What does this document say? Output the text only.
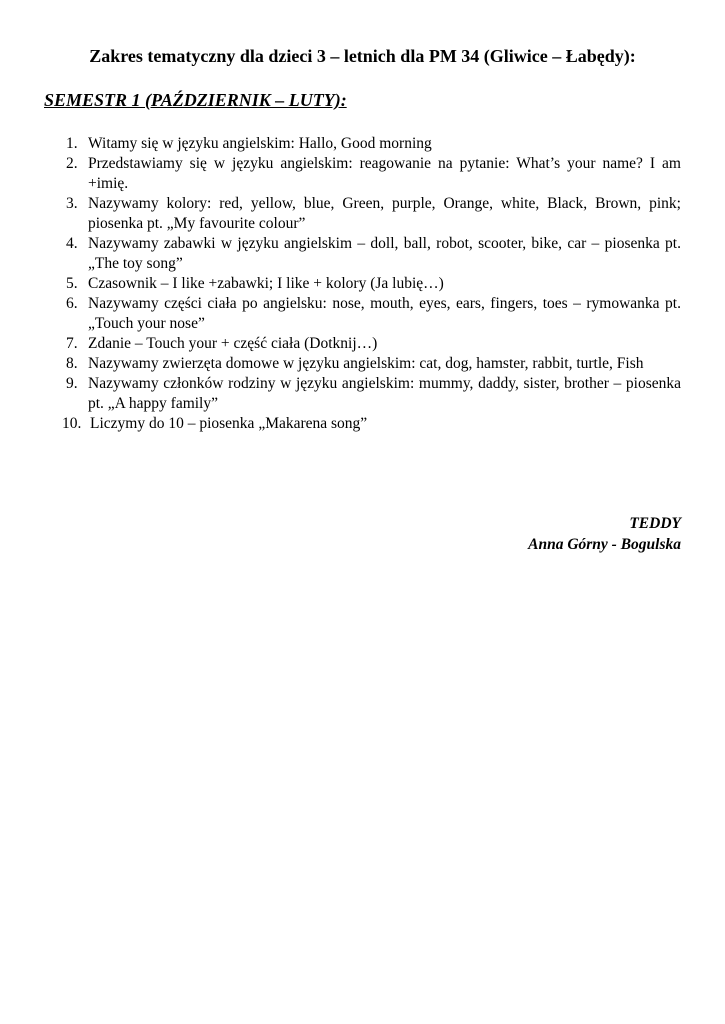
Zakres tematyczny dla dzieci 3 – letnich dla PM 34 (Gliwice – Łabędy):
SEMESTR 1 (PAŹDZIERNIK – LUTY):
1. Witamy się w języku angielskim: Hallo, Good morning
2. Przedstawiamy się w języku angielskim: reagowanie na pytanie: What’s your name? I am +imię.
3. Nazywamy kolory: red, yellow, blue, Green, purple, Orange, white, Black, Brown, pink; piosenka pt. „My favourite colour”
4. Nazywamy zabawki w języku angielskim – doll, ball, robot, scooter, bike, car – piosenka pt. „The toy song”
5. Czasownik – I like +zabawki; I like + kolory (Ja lubię…)
6. Nazywamy części ciała po angielsku: nose, mouth, eyes, ears, fingers, toes – rymowanka pt. „Touch your nose”
7. Zdanie – Touch your + część ciała (Dotknij…)
8. Nazywamy zwierzęta domowe w języku angielskim: cat, dog, hamster, rabbit, turtle, Fish
9. Nazywamy członków rodziny w języku angielskim: mummy, daddy, sister, brother – piosenka pt. „A happy family”
10. Liczymy do 10 – piosenka „Makarena song”
TEDDY
Anna Górny - Bogulska
